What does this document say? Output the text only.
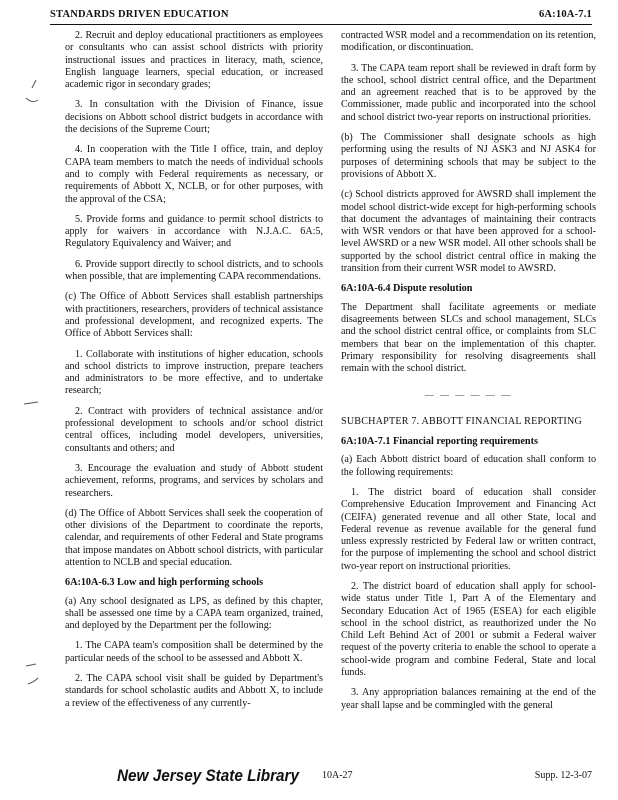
STANDARDS DRIVEN EDUCATION	6A:10A-7.1

2. Recruit and deploy educational practitioners as employees or consultants who can assist school districts with priority instructional issues and practices in literacy, math, science, English language learners, special education, or increased academic rigor in secondary grades;

3. In consultation with the Division of Finance, issue decisions on Abbott school district budgets in accordance with the decisions of the Supreme Court;

4. In cooperation with the Title I office, train, and deploy CAPA team members to match the needs of individual schools and to comply with Federal requirements as necessary, or requirements of Abbott X, NCLB, or for other purposes, with the approval of the CSA;

5. Provide forms and guidance to permit school districts to apply for waivers in accordance with N.J.A.C. 6A:5, Regulatory Equivalency and Waiver; and

6. Provide support directly to school districts, and to schools when possible, that are implementing CAPA recommendations.

(c) The Office of Abbott Services shall establish partnerships with practitioners, researchers, providers of technical assistance and professional development, and recognized experts. The Office of Abbott Services shall:

1. Collaborate with institutions of higher education, schools and school districts to improve instruction, prepare teachers and administrators to be more effective, and to undertake research;

2. Contract with providers of technical assistance and/or professional development to schools and/or school district central offices, including model developers, universities, consultants and others; and

3. Encourage the evaluation and study of Abbott student achievement, reforms, programs, and services by scholars and researchers.

(d) The Office of Abbott Services shall seek the cooperation of other divisions of the Department to coordinate the reports, calendar, and requirements of other Federal and State programs that impose mandates on Abbott school districts, with particular attention to NCLB and special education.

6A:10A-6.3 Low and high performing schools

(a) Any school designated as LPS, as defined by this chapter, shall be assessed one time by a CAPA team organized, trained, and deployed by the Department per the following:

1. The CAPA team's composition shall be determined by the particular needs of the school to be assessed and Abbott X.

2. The CAPA school visit shall be guided by Department's standards for school scholastic audits and Abbott X, to include a review of the effectiveness of any currently-

contracted WSR model and a recommendation on its retention, modification, or discontinuation.

3. The CAPA team report shall be reviewed in draft form by the school, school district central office, and the Department and an agreement reached that is to be approved by the Commissioner, made public and incorporated into the school and school district two-year reports on instructional priorities.

(b) The Commissioner shall designate schools as high performing using the results of NJ ASK3 and NJ ASK4 for purposes of determining schools that may be subject to the provisions of Abbott X.

(c) School districts approved for AWSRD shall implement the model school district-wide except for high-performing schools that document the advantages of maintaining their contracts with WSR vendors or that have been approved for a school-level AWSRD or a new WSR model. All other schools shall be supported by the school district central office in making the transition from their current WSR model to AWSRD.

6A:10A-6.4 Dispute resolution

The Department shall facilitate agreements or mediate disagreements between SLCs and school management, SLCs and the school district central office, or complaints from SLC members that bear on the implementation of this chapter. Primary responsibility for resolving disagreements shall remain with the school district.

— — — — — —
SUBCHAPTER 7. ABBOTT FINANCIAL REPORTING
6A:10A-7.1 Financial reporting requirements

(a) Each Abbott district board of education shall conform to the following requirements:

1. The district board of education shall consider Comprehensive Education Improvement and Financing Act (CEIFA) generated revenue and all other State, local and Federal revenue as revenue available for the general fund unless expressly restricted by Federal law or written contract, for the purpose of implementing the school and school district two-year report on instructional priorities.

2. The district board of education shall apply for school-wide status under Title 1, Part A of the Elementary and Secondary Education Act of 1965 (ESEA) for each eligible school in the school district, as reauthorized under the No Child Left Behind Act of 2001 or submit a Federal waiver request of the poverty criteria to enable the school to operate a school-wide program and combine Federal, State and local funds.

3. Any appropriation balances remaining at the end of the year shall lapse and be commingled with the general

New Jersey State Library 10A-27	Supp. 12-3-07
